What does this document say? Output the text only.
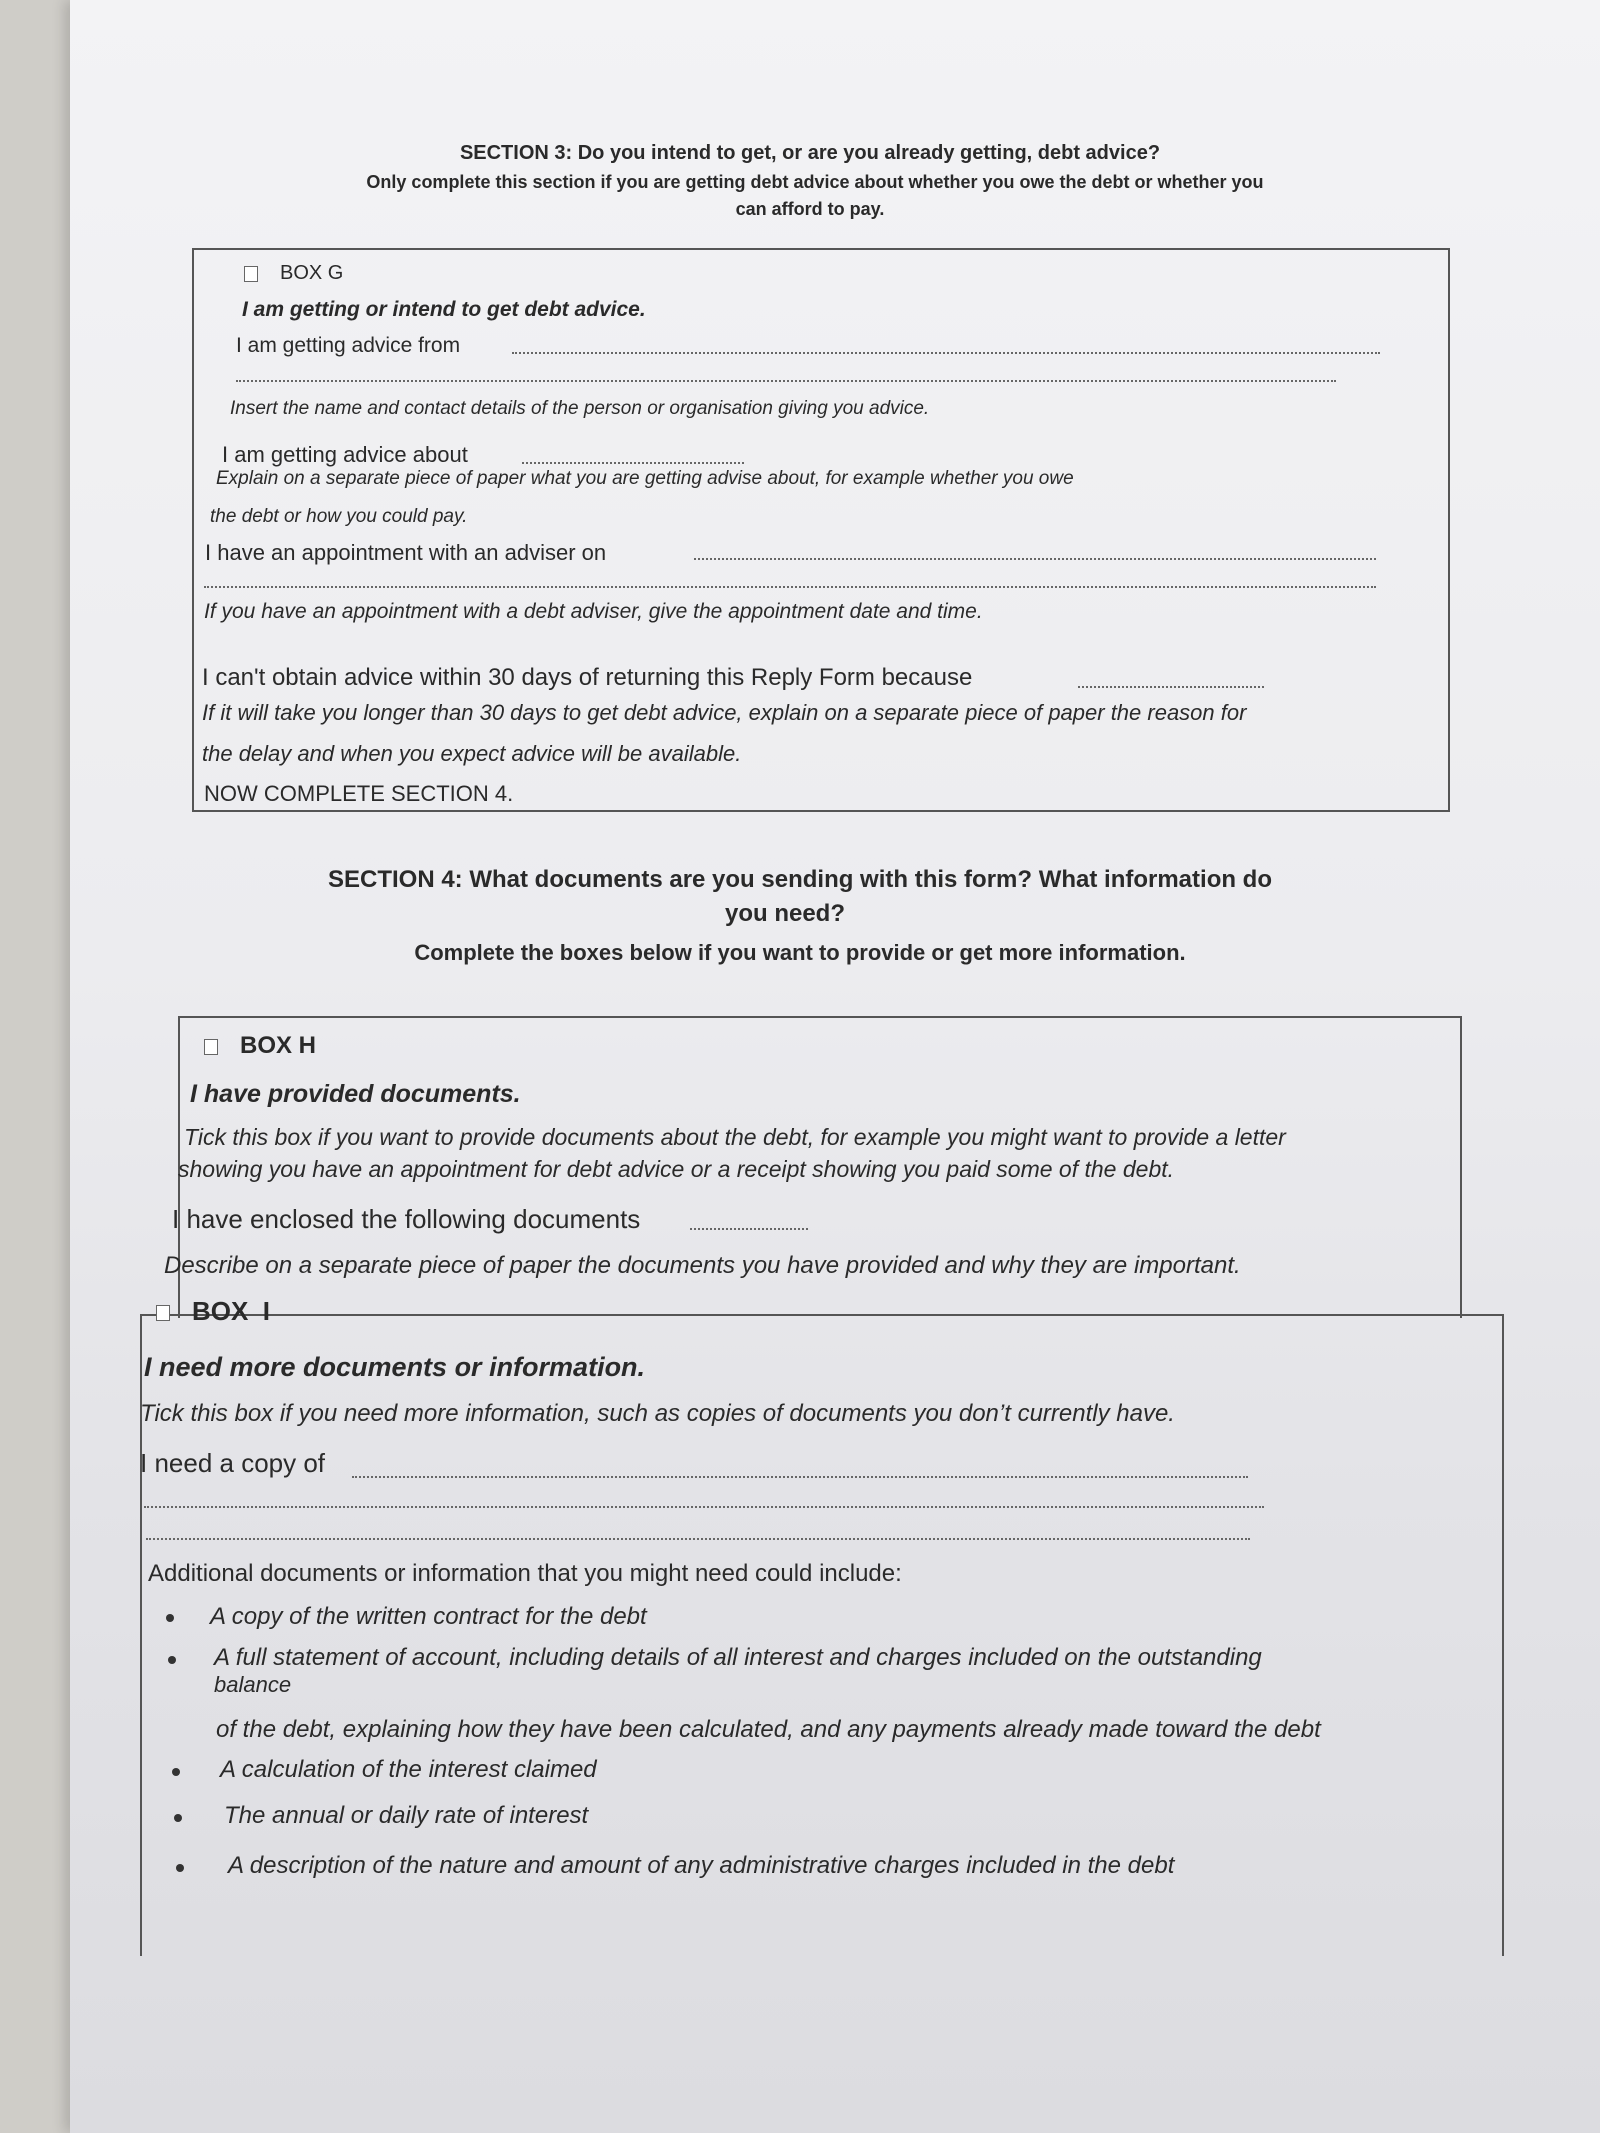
SECTION 3: Do you intend to get, or are you already getting, debt advice?
Only complete this section if you are getting debt advice about whether you owe the debt or whether you
can afford to pay.
BOX G
I am getting or intend to get debt advice.
I am getting advice from
Insert the name and contact details of the person or organisation giving you advice.
I am getting advice about
Explain on a separate piece of paper what you are getting advise about, for example whether you owe
the debt or how you could pay.
I have an appointment with an adviser on
If you have an appointment with a debt adviser, give the appointment date and time.
I can't obtain advice within 30 days of returning this Reply Form because
If it will take you longer than 30 days to get debt advice, explain on a separate piece of paper the reason for
the delay and when you expect advice will be available.
NOW COMPLETE SECTION 4.
SECTION 4: What documents are you sending with this form? What information do
you need?
Complete the boxes below if you want to provide or get more information.
BOX H
I have provided documents.
Tick this box if you want to provide documents about the debt, for example you might want to provide a letter
showing you have an appointment for debt advice or a receipt showing you paid some of the debt.
I have enclosed the following documents
Describe on a separate piece of paper the documents you have provided and why they are important.
BOX  I
I need more documents or information.
Tick this box if you need more information, such as copies of documents you don’t currently have.
I need a copy of
Additional documents or information that you might need could include:
A copy of the written contract for the debt
A full statement of account, including details of all interest and charges included on the outstanding
balance
of the debt, explaining how they have been calculated, and any payments already made toward the debt
A calculation of the interest claimed
The annual or daily rate of interest
A description of the nature and amount of any administrative charges included in the debt
